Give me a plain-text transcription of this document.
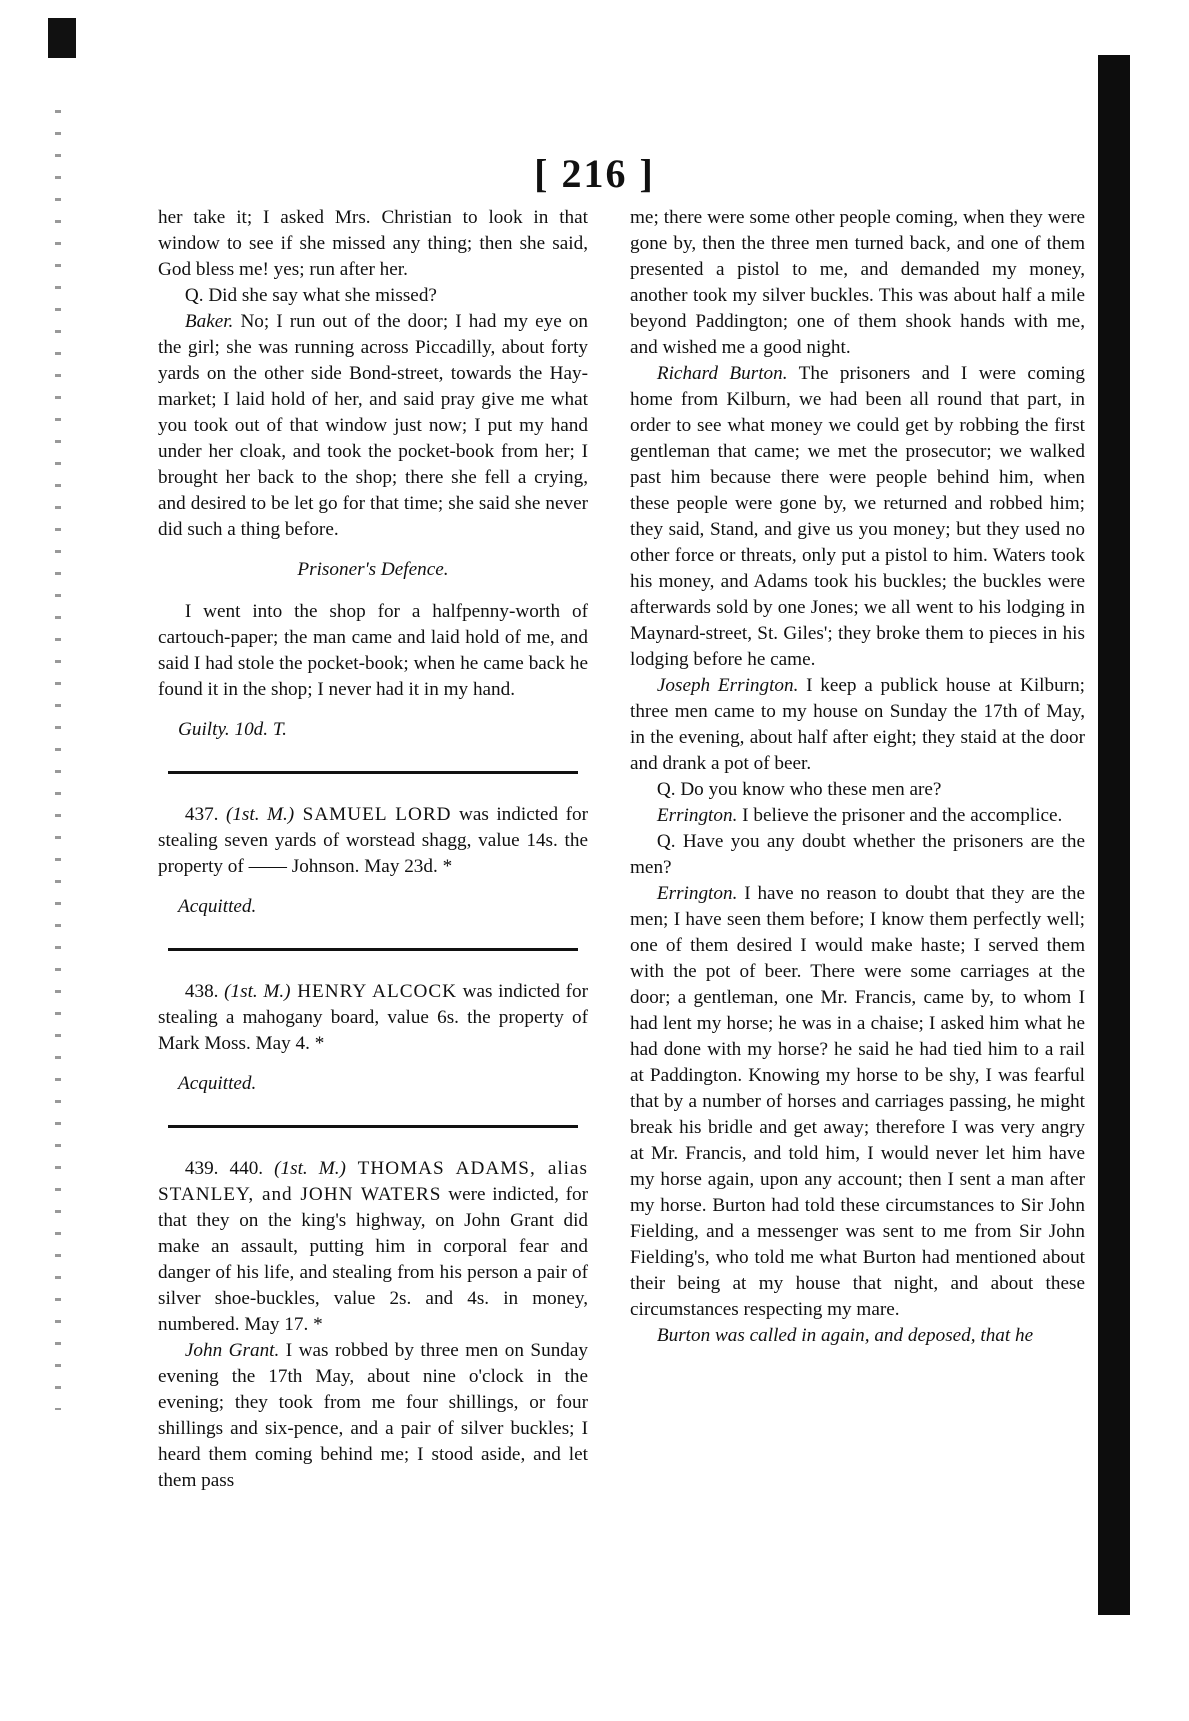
[ 216 ]

her take it; I asked Mrs. Christian to look in that window to see if she missed any thing; then she said, God bless me! yes; run after her.

Q. Did she say what she missed?

Baker. No; I run out of the door; I had my eye on the girl; she was running across Piccadilly, about forty yards on the other side Bond-street, towards the Hay-market; I laid hold of her, and said pray give me what you took out of that window just now; I put my hand under her cloak, and took the pocket-book from her; I brought her back to the shop; there she fell a crying, and desired to be let go for that time; she said she never did such a thing before.

Prisoner's Defence.

I went into the shop for a halfpenny-worth of cartouch-paper; the man came and laid hold of me, and said I had stole the pocket-book; when he came back he found it in the shop; I never had it in my hand.

Guilty. 10d. T.

437. (1st. M.) SAMUEL LORD was indicted for stealing seven yards of worstead shagg, value 14s. the property of —— Johnson. May 23d. *

Acquitted.

438. (1st. M.) HENRY ALCOCK was indicted for stealing a mahogany board, value 6s. the property of Mark Moss. May 4. *

Acquitted.

439. 440. (1st. M.) THOMAS ADAMS, alias STANLEY, and JOHN WATERS were indicted, for that they on the king's highway, on John Grant did make an assault, putting him in corporal fear and danger of his life, and stealing from his person a pair of silver shoe-buckles, value 2s. and 4s. in money, numbered. May 17. *

John Grant. I was robbed by three men on Sunday evening the 17th May, about nine o'clock in the evening; they took from me four shillings, or four shillings and six-pence, and a pair of silver buckles; I heard them coming behind me; I stood aside, and let them pass

me; there were some other people coming, when they were gone by, then the three men turned back, and one of them presented a pistol to me, and demanded my money, another took my silver buckles. This was about half a mile beyond Paddington; one of them shook hands with me, and wished me a good night.

Richard Burton. The prisoners and I were coming home from Kilburn, we had been all round that part, in order to see what money we could get by robbing the first gentleman that came; we met the prosecutor; we walked past him because there were people behind him, when these people were gone by, we returned and robbed him; they said, Stand, and give us you money; but they used no other force or threats, only put a pistol to him. Waters took his money, and Adams took his buckles; the buckles were afterwards sold by one Jones; we all went to his lodging in Maynard-street, St. Giles'; they broke them to pieces in his lodging before he came.

Joseph Errington. I keep a publick house at Kilburn; three men came to my house on Sunday the 17th of May, in the evening, about half after eight; they staid at the door and drank a pot of beer.

Q. Do you know who these men are?

Errington. I believe the prisoner and the accomplice.

Q. Have you any doubt whether the prisoners are the men?

Errington. I have no reason to doubt that they are the men; I have seen them before; I know them perfectly well; one of them desired I would make haste; I served them with the pot of beer. There were some carriages at the door; a gentleman, one Mr. Francis, came by, to whom I had lent my horse; he was in a chaise; I asked him what he had done with my horse? he said he had tied him to a rail at Paddington. Knowing my horse to be shy, I was fearful that by a number of horses and carriages passing, he might break his bridle and get away; therefore I was very angry at Mr. Francis, and told him, I would never let him have my horse again, upon any account; then I sent a man after my horse. Burton had told these circumstances to Sir John Fielding, and a messenger was sent to me from Sir John Fielding's, who told me what Burton had mentioned about their being at my house that night, and about these circumstances respecting my mare.

Burton was called in again, and deposed, that he
